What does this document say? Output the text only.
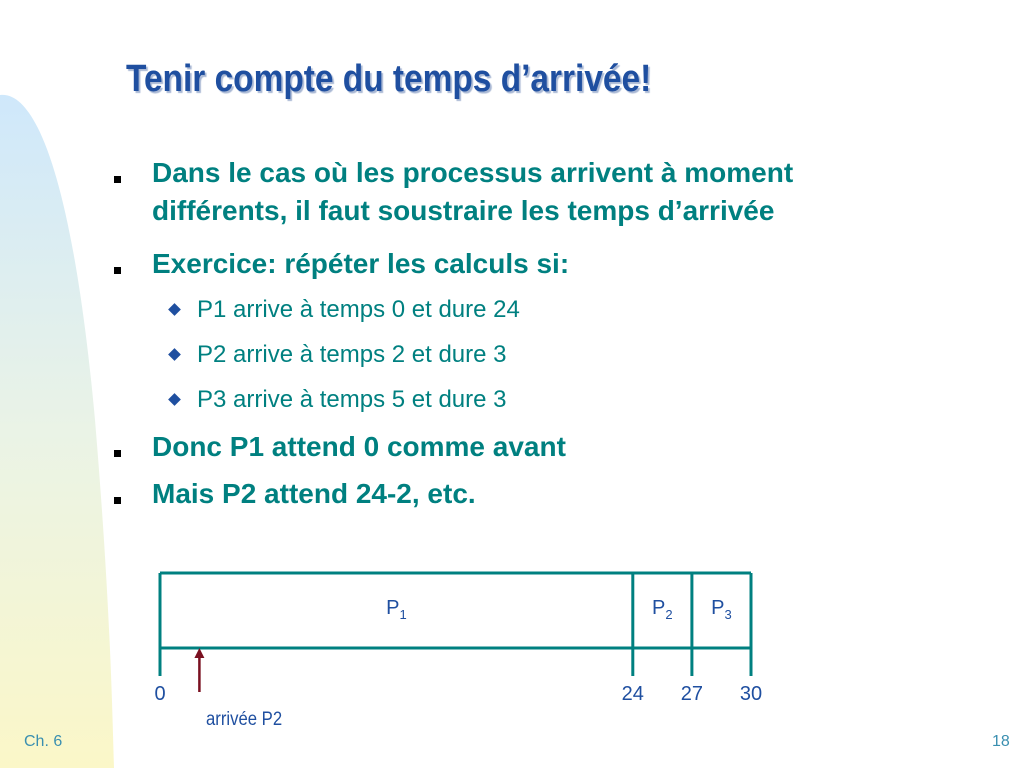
Tenir compte du temps d’arrivée!
Dans le cas où les processus arrivent à moment
différents, il faut soustraire les temps d’arrivée
Exercice: répéter les calculs si:
P1 arrive à temps 0 et dure 24
P2 arrive à temps 2 et dure 3
P3 arrive à temps 5 et dure 3
Donc P1 attend 0 comme avant
Mais P2 attend 24-2, etc.
0	24 27 30
$P_1$	$P_2$ $P_3$
arrivée P2
Ch. 6	18
